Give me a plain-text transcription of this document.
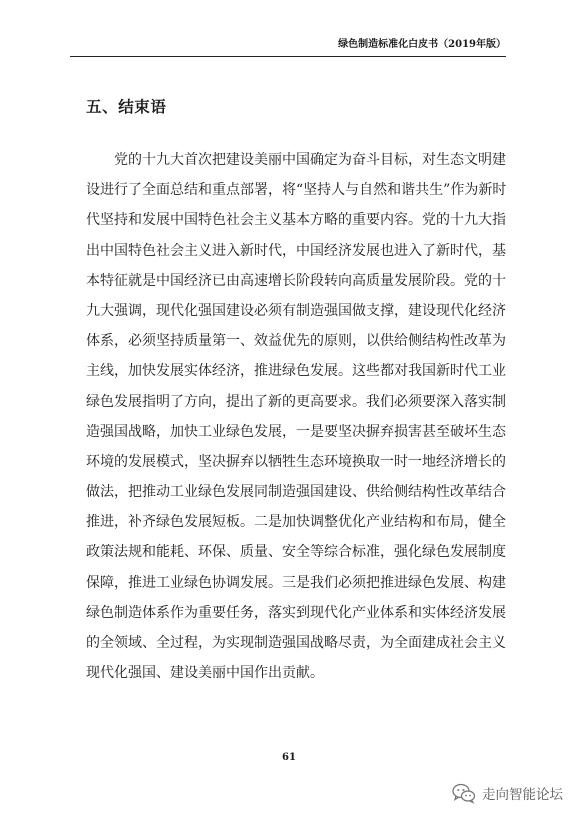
绿色制造标准化白皮书（2019年版）
五、结束语
党的十九大首次把建设美丽中国确定为奋斗目标，对生态文明建
设进行了全面总结和重点部署，将“坚持人与自然和谐共生”作为新时
代坚持和发展中国特色社会主义基本方略的重要内容。党的十九大指
出中国特色社会主义进入新时代，中国经济发展也进入了新时代，基
本特征就是中国经济已由高速增长阶段转向高质量发展阶段。党的十
九大强调，现代化强国建设必须有制造强国做支撑，建设现代化经济
体系，必须坚持质量第一、效益优先的原则，以供给侧结构性改革为
主线，加快发展实体经济，推进绿色发展。这些都对我国新时代工业
绿色发展指明了方向，提出了新的更高要求。我们必须要深入落实制
造强国战略，加快工业绿色发展，一是要坚决摒弃损害甚至破坏生态
环境的发展模式，坚决摒弃以牺牲生态环境换取一时一地经济增长的
做法，把推动工业绿色发展同制造强国建设、供给侧结构性改革结合
推进，补齐绿色发展短板。二是加快调整优化产业结构和布局，健全
政策法规和能耗、环保、质量、安全等综合标准，强化绿色发展制度
保障，推进工业绿色协调发展。三是我们必须把推进绿色发展、构建
绿色制造体系作为重要任务，落实到现代化产业体系和实体经济发展
的全领域、全过程，为实现制造强国战略尽责，为全面建成社会主义
现代化强国、建设美丽中国作出贡献。
61
走向智能论坛
